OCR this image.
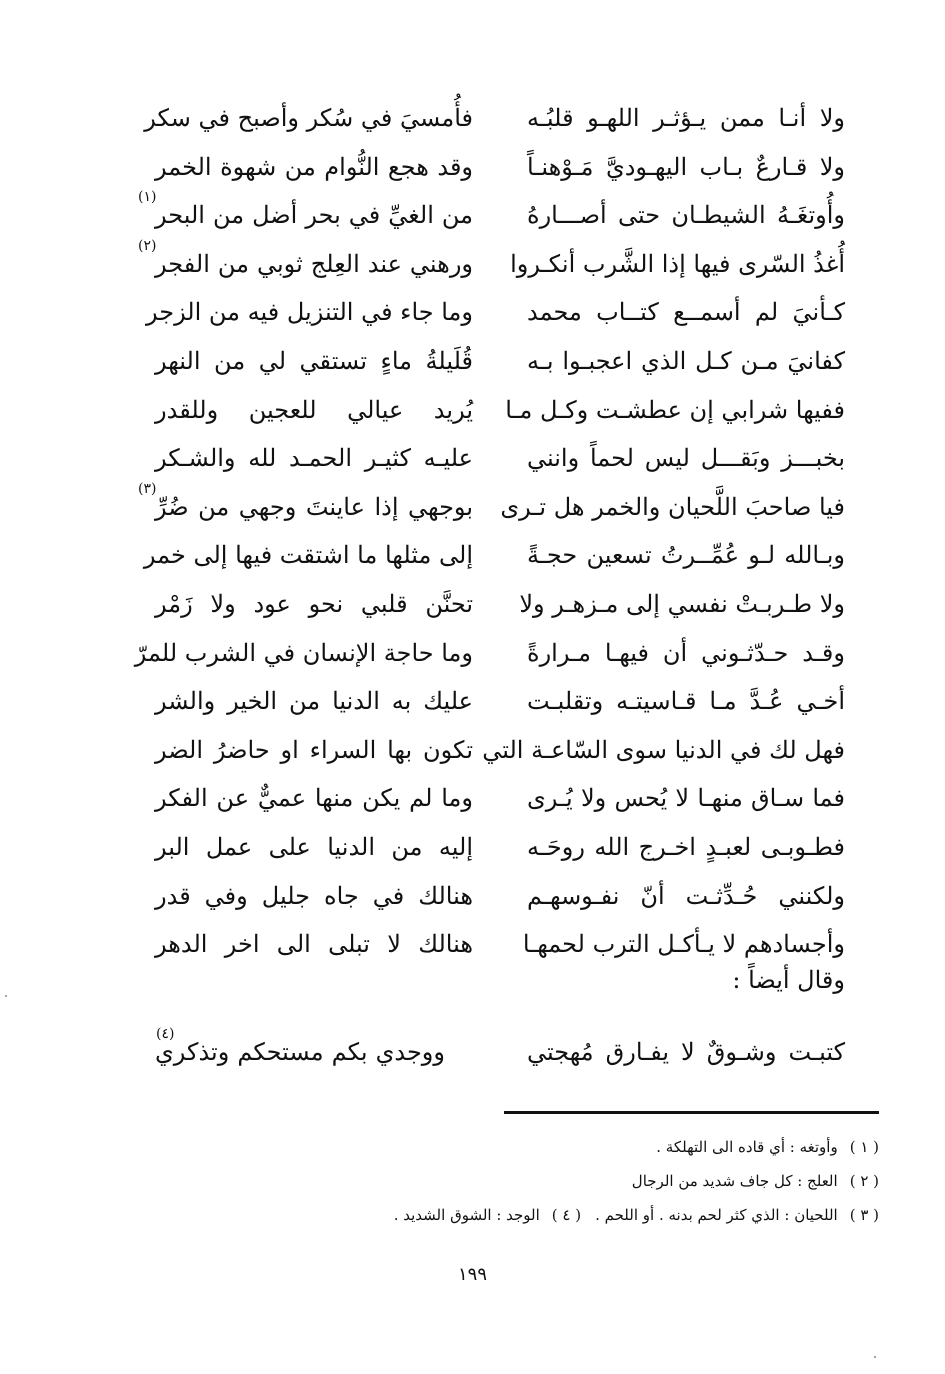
ولا أنـا ممن يـؤثـر اللهـو قلبُـه
فأُمسيَ في سُكر وأصبح في سكر
ولا قـارعٌ بـاب اليهـوديَّ مَـوْهنـاً
وقد هجع النُّوام من شهوة الخمر
وأُوتغَـهُ الشيطـان حتى أصـــارهُ
من الغيِّ في بحر أضل من البحر
(١)
أُغذُ السّرى فيها إذا الشَّرب أنكـروا
ورهني عند العِلج ثوبي من الفجر
(٢)
كـأنيَ لم أسمــع كتــاب محمد
وما جاء في التنزيل فيه من الزجر
كفانيَ مـن كـل الذي اعجبـوا بـه
قُلَيلةُ ماءٍ تستقي لي من النهر
ففيها شرابي إن عطشـت وكـل مـا
يُريد عيالي للعجين وللقدر
بخبـــز وبَقـــل ليس لحماً وانني
عليـه كثيـر الحمـد لله والشـكر
فيا صاحبَ اللَّحيان والخمر هل تـرى
بوجهي إذا عاينتَ وجهي من ضُرِّ
(٣)
وبـالله لـو عُمِّــرتُ تسعين حجـةً
إلى مثلها ما اشتقت فيها إلى خمر
ولا طـربـتْ نفسي إلى مـزهـر ولا
تحنَّن قلبي نحو عود ولا زَمْر
وقـد حـدّثـوني أن فيهـا مـرارةً
وما حاجة الإنسان في الشرب للمرّ
أخـي عُـدَّ مـا قـاسيتـه وتقلبـت
عليك به الدنيا من الخير والشر
فهل لك في الدنيا سوى السّاعـة التي
تكون بها السراء او حاضرُ الضر
فما سـاق منهـا لا يُحس ولا يُـرى
وما لم يكن منها عميٌّ عن الفكر
فطـوبـى لعبـدٍ اخـرج الله روحَـه
إليه من الدنيا على عمل البر
ولكنني حُـدِّثـت أنّ نفـوسهـم
هنالك في جاه جليل وفي قدر
وأجسادهم لا يـأكـل الترب لحمهـا
هنالك لا تبلى الى اخر الدهر
وقال أيضاً :
كتبـت وشـوقٌ لا يفـارق مُهجتي
ووجدي بكم مستحكم وتذكري
(٤)
( ١ )وأوتغه : أي قاده الى التهلكة .
( ٢ )العلج : كل جاف شديد من الرجال
( ٣ )اللحيان : الذي كثر لحم بدنه . أو اللحم .( ٤ )الوجد : الشوق الشديد .
١٩٩
